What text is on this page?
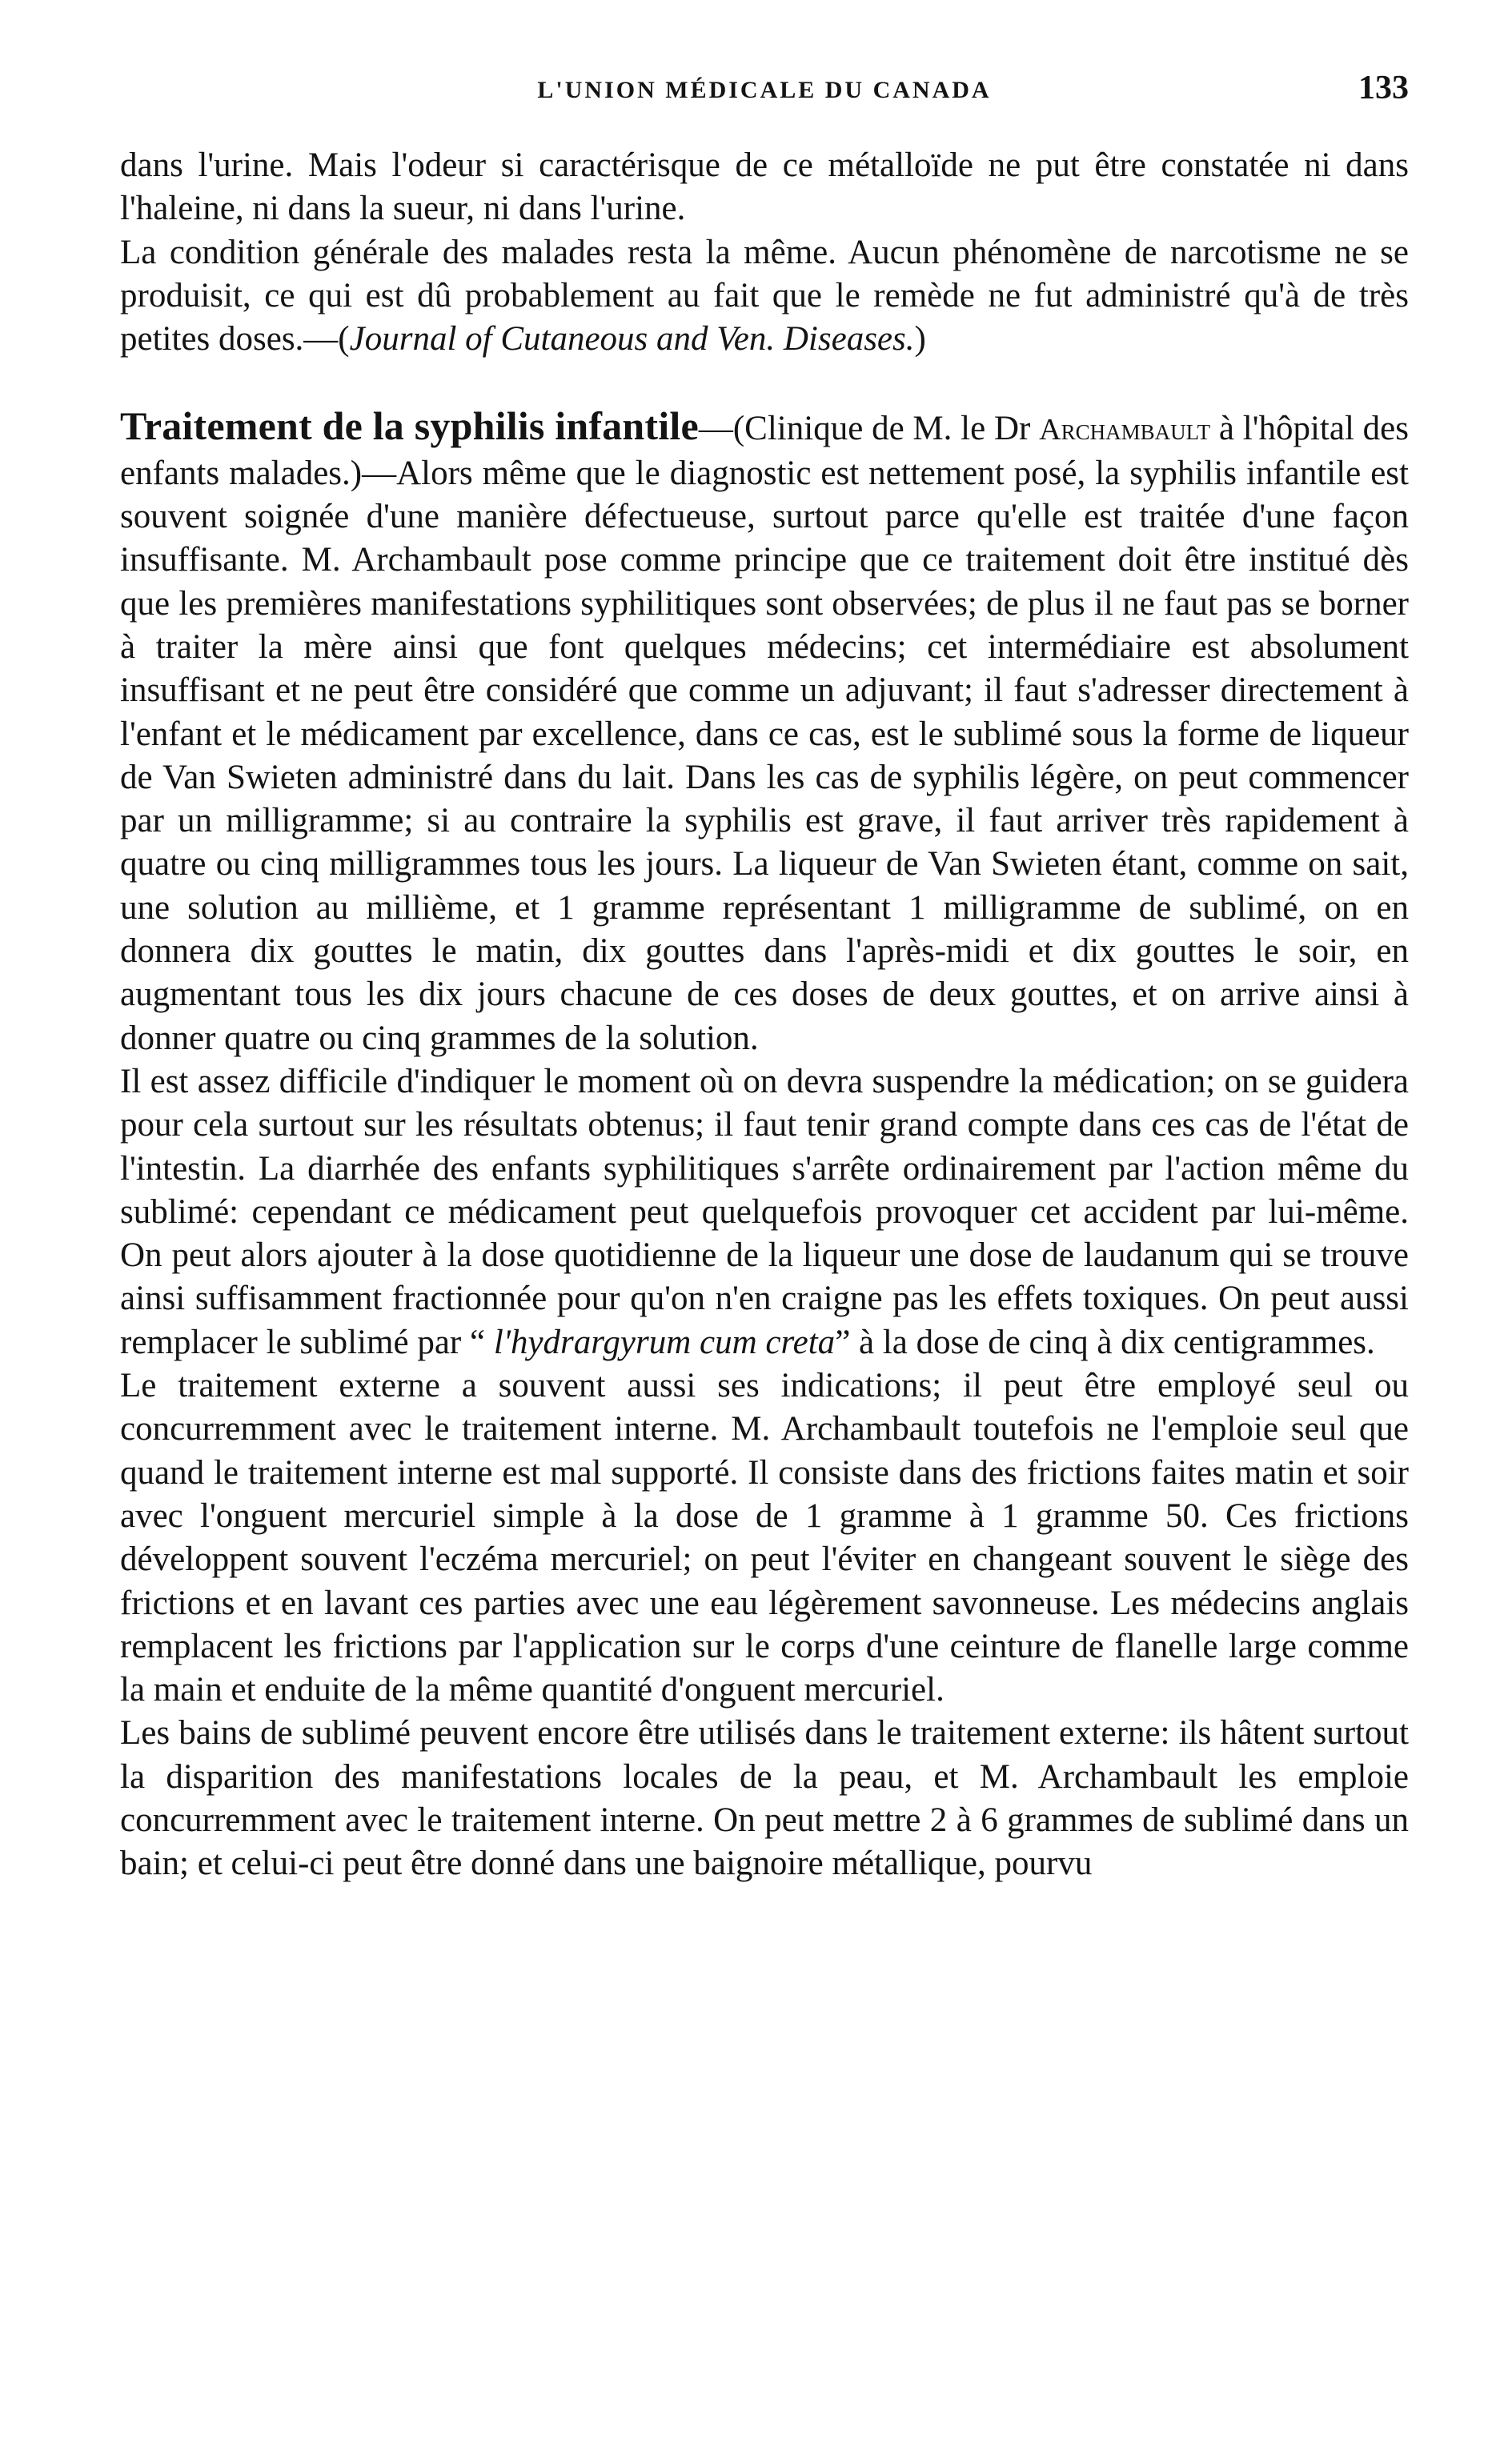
L'UNION MÉDICALE DU CANADA	133

dans l'urine. Mais l'odeur si caractérisque de ce métalloïde ne put être constatée ni dans l'haleine, ni dans la sueur, ni dans l'urine.

La condition générale des malades resta la même. Aucun phénomène de narcotisme ne se produisit, ce qui est dû probablement au fait que le remède ne fut administré qu'à de très petites doses.—(Journal of Cutaneous and Ven. Diseases.)

Traitement de la syphilis infantile—(Clinique de M. le Dr Archambault à l'hôpital des enfants malades.)—Alors même que le diagnostic est nettement posé, la syphilis infantile est souvent soignée d'une manière défectueuse, surtout parce qu'elle est traitée d'une façon insuffisante. M. Archambault pose comme principe que ce traitement doit être institué dès que les premières manifestations syphilitiques sont observées; de plus il ne faut pas se borner à traiter la mère ainsi que font quelques médecins; cet intermédiaire est absolument insuffisant et ne peut être considéré que comme un adjuvant; il faut s'adresser directement à l'enfant et le médicament par excellence, dans ce cas, est le sublimé sous la forme de liqueur de Van Swieten administré dans du lait. Dans les cas de syphilis légère, on peut commencer par un milligramme; si au contraire la syphilis est grave, il faut arriver très rapidement à quatre ou cinq milligrammes tous les jours. La liqueur de Van Swieten étant, comme on sait, une solution au millième, et 1 gramme représentant 1 milligramme de sublimé, on en donnera dix gouttes le matin, dix gouttes dans l'après-midi et dix gouttes le soir, en augmentant tous les dix jours chacune de ces doses de deux gouttes, et on arrive ainsi à donner quatre ou cinq grammes de la solution.

Il est assez difficile d'indiquer le moment où on devra suspendre la médication; on se guidera pour cela surtout sur les résultats obtenus; il faut tenir grand compte dans ces cas de l'état de l'intestin. La diarrhée des enfants syphilitiques s'arrête ordinairement par l'action même du sublimé: cependant ce médicament peut quelquefois provoquer cet accident par lui-même. On peut alors ajouter à la dose quotidienne de la liqueur une dose de laudanum qui se trouve ainsi suffisamment fractionnée pour qu'on n'en craigne pas les effets toxiques. On peut aussi remplacer le sublimé par “ l'hydrargyrum cum creta” à la dose de cinq à dix centigrammes.

Le traitement externe a souvent aussi ses indications; il peut être employé seul ou concurremment avec le traitement interne. M. Archambault toutefois ne l'emploie seul que quand le traitement interne est mal supporté. Il consiste dans des frictions faites matin et soir avec l'onguent mercuriel simple à la dose de 1 gramme à 1 gramme 50. Ces frictions développent souvent l'eczéma mercuriel; on peut l'éviter en changeant souvent le siège des frictions et en lavant ces parties avec une eau légèrement savonneuse. Les médecins anglais remplacent les frictions par l'application sur le corps d'une ceinture de flanelle large comme la main et enduite de la même quantité d'onguent mercuriel.

Les bains de sublimé peuvent encore être utilisés dans le traitement externe: ils hâtent surtout la disparition des manifestations locales de la peau, et M. Archambault les emploie concurremment avec le traitement interne. On peut mettre 2 à 6 grammes de sublimé dans un bain; et celui-ci peut être donné dans une baignoire métallique, pourvu
